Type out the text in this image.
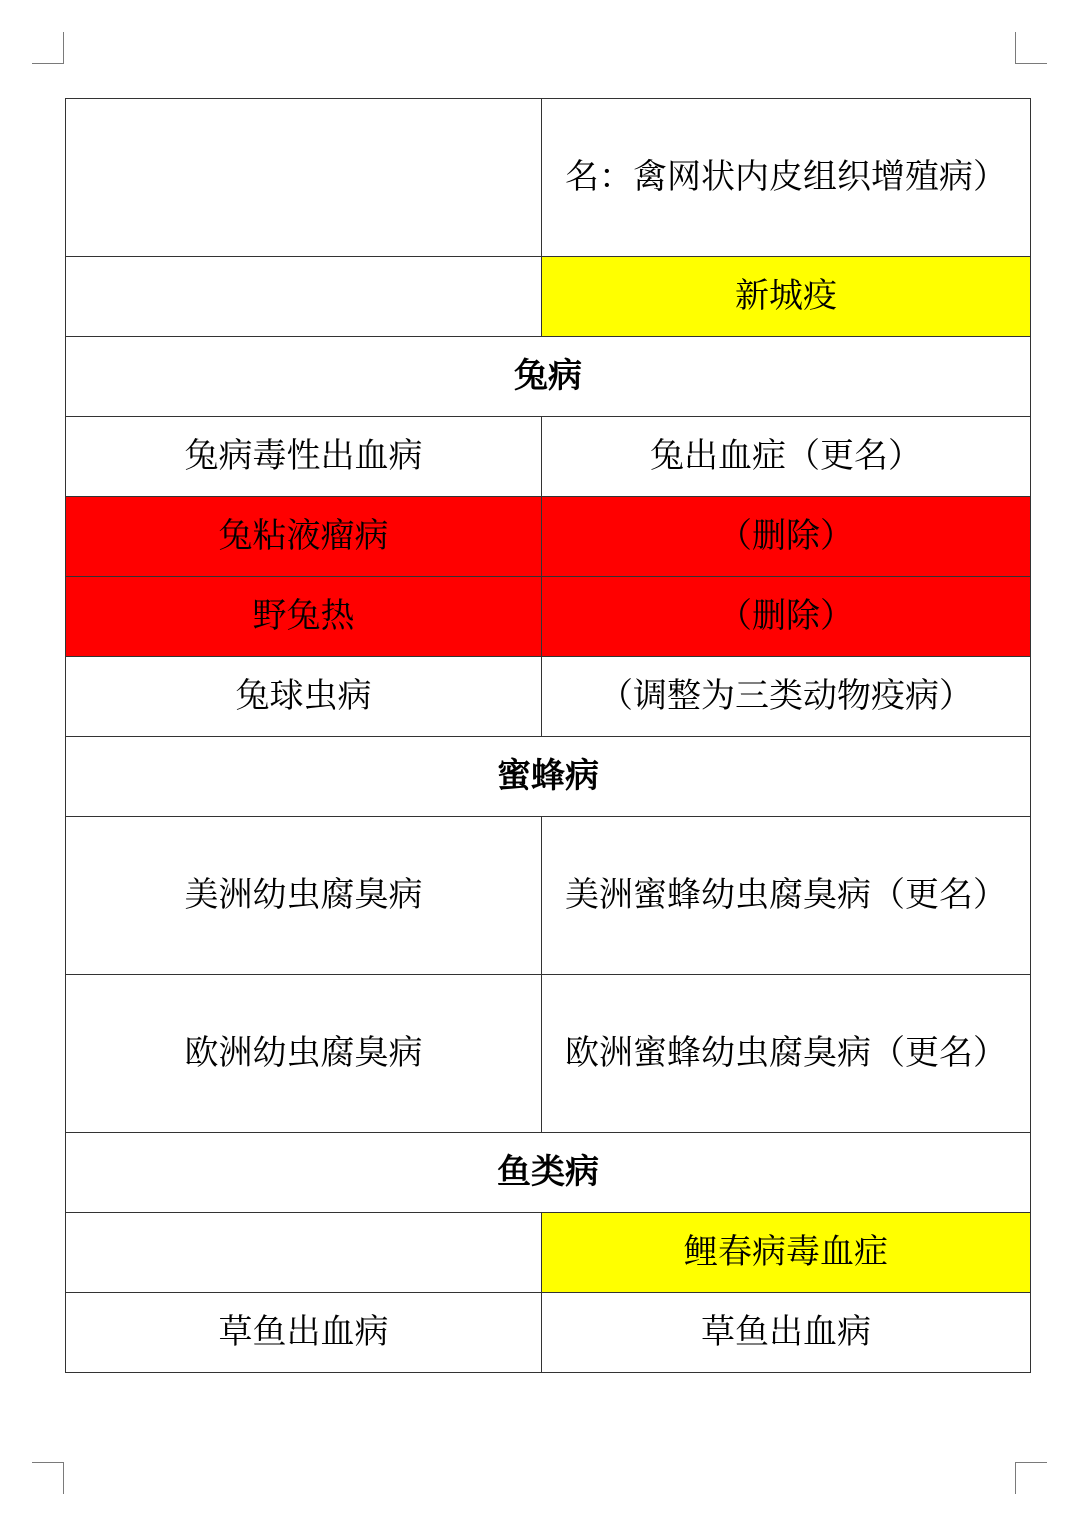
	名：禽网状内皮组织增殖病）
	新城疫
兔病	
兔病毒性出血病	兔出血症（更名）
兔粘液瘤病	（删除）
野兔热	（删除）
兔球虫病	（调整为三类动物疫病）
蜜蜂病	
美洲幼虫腐臭病	美洲蜜蜂幼虫腐臭病（更名）
欧洲幼虫腐臭病	欧洲蜜蜂幼虫腐臭病（更名）
鱼类病	
	鲤春病毒血症
草鱼出血病	草鱼出血病
